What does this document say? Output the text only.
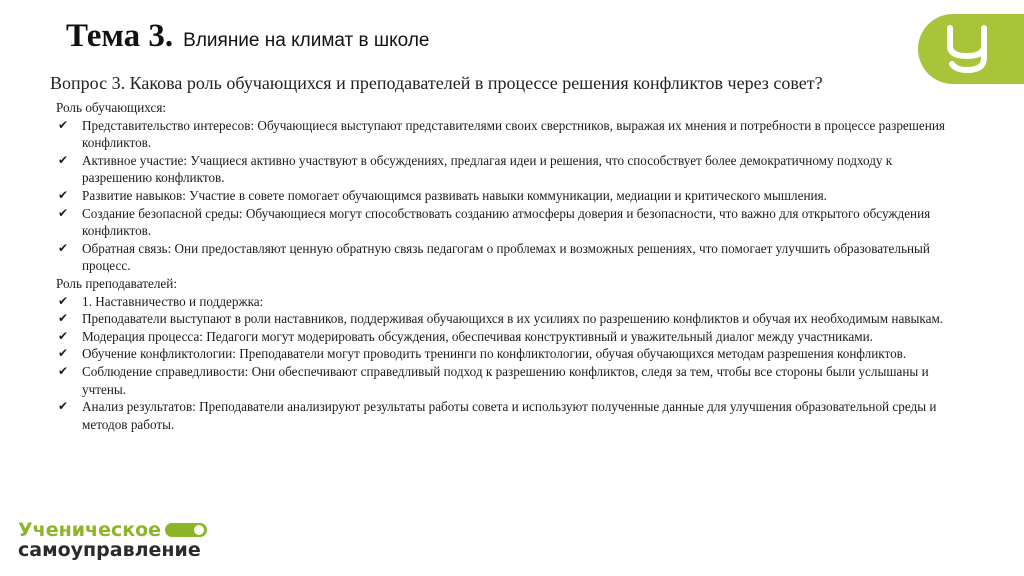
Тема 3. Влияние на климат в школе
Вопрос 3. Какова роль обучающихся и преподавателей в процессе решения конфликтов через совет?

Роль обучающихся:

✔ Представительство интересов: Обучающиеся выступают представителями своих сверстников, выражая их мнения и потребности в процессе разрешения конфликтов.
✔ Активное участие: Учащиеся активно участвуют в обсуждениях, предлагая идеи и решения, что способствует более демократичному подходу к разрешению конфликтов.
✔ Развитие навыков: Участие в совете помогает обучающимся развивать навыки коммуникации, медиации и критического мышления.
✔ Создание безопасной среды: Обучающиеся могут способствовать созданию атмосферы доверия и безопасности, что важно для открытого обсуждения конфликтов.
✔ Обратная связь: Они предоставляют ценную обратную связь педагогам о проблемах и возможных решениях, что помогает улучшить образовательный процесс.

Роль преподавателей:

✔ 1. Наставничество и поддержка:
✔ Преподаватели выступают в роли наставников, поддерживая обучающихся в их усилиях по разрешению конфликтов и обучая их необходимым навыкам.
✔ Модерация процесса: Педагоги могут модерировать обсуждения, обеспечивая конструктивный и уважительный диалог между участниками.
✔ Обучение конфликтологии: Преподаватели могут проводить тренинги по конфликтологии, обучая обучающихся методам разрешения конфликтов.
✔ Соблюдение справедливости: Они обеспечивают справедливый подход к разрешению конфликтов, следя за тем, чтобы все стороны были услышаны и учтены.
✔ Анализ результатов: Преподаватели анализируют результаты работы совета и используют полученные данные для улучшения образовательной среды и методов работы.
Ученическое
самоуправление
